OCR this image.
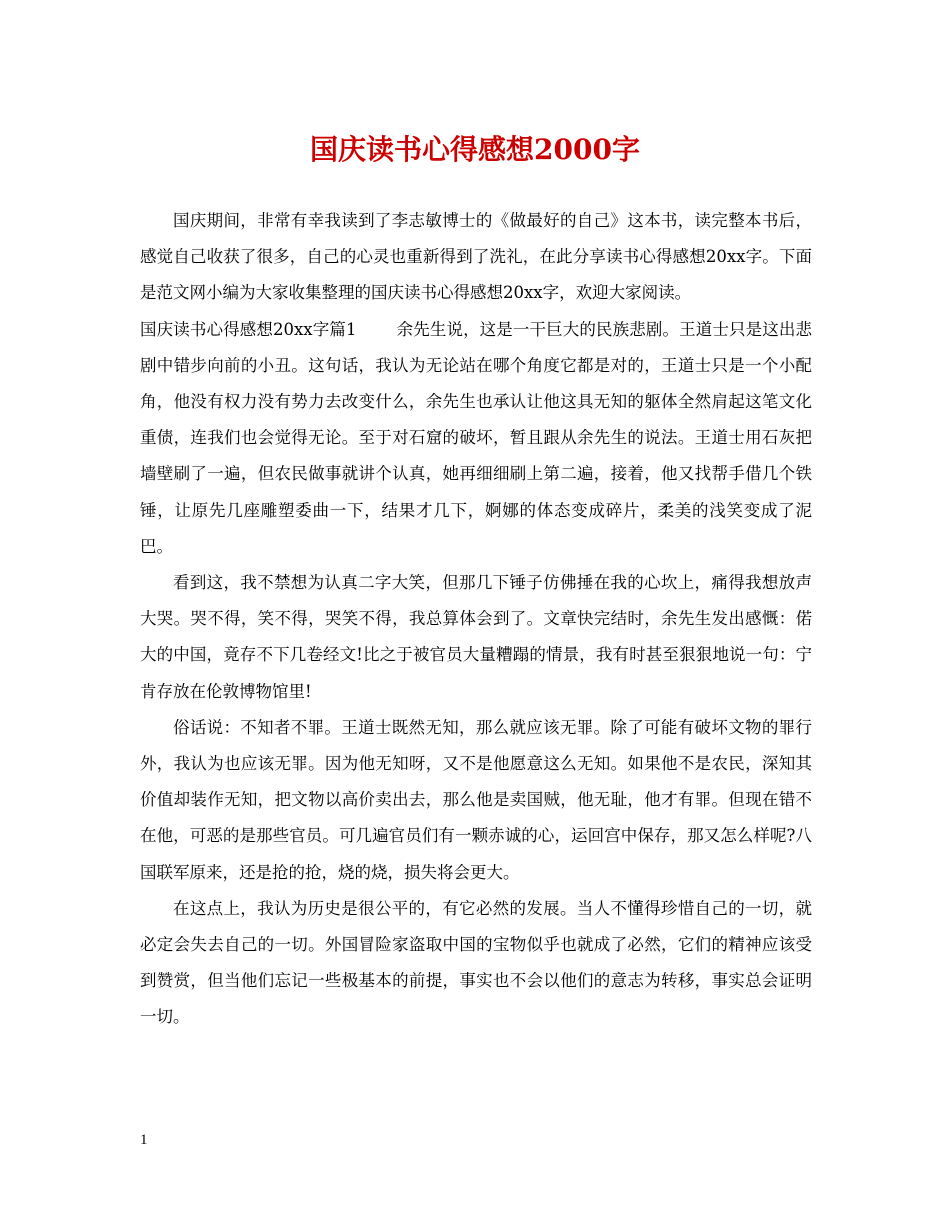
国庆读书心得感想2000字

国庆期间，非常有幸我读到了李志敏博士的《做最好的自己》这本书，读完整本书后，感觉自己收获了很多，自己的心灵也重新得到了洗礼，在此分享读书心得感想20xx字。下面是范文网小编为大家收集整理的国庆读书心得感想20xx字，欢迎大家阅读。

国庆读书心得感想20xx字篇1 余先生说，这是一干巨大的民族悲剧。王道士只是这出悲剧中错步向前的小丑。这句话，我认为无论站在哪个角度它都是对的，王道士只是一个小配角，他没有权力没有势力去改变什么，余先生也承认让他这具无知的躯体全然肩起这笔文化重债，连我们也会觉得无论。至于对石窟的破坏，暂且跟从余先生的说法。王道士用石灰把墙壁刷了一遍，但农民做事就讲个认真，她再细细刷上第二遍，接着，他又找帮手借几个铁锤，让原先几座雕塑委曲一下，结果才几下，婀娜的体态变成碎片，柔美的浅笑变成了泥巴。

看到这，我不禁想为认真二字大笑，但那几下锤子仿佛捶在我的心坎上，痛得我想放声大哭。哭不得，笑不得，哭笑不得，我总算体会到了。文章快完结时，余先生发出感慨：偌大的中国，竟存不下几卷经文!比之于被官员大量糟蹋的情景，我有时甚至狠狠地说一句：宁肯存放在伦敦博物馆里!

俗话说：不知者不罪。王道士既然无知，那么就应该无罪。除了可能有破坏文物的罪行外，我认为也应该无罪。因为他无知呀，又不是他愿意这么无知。如果他不是农民，深知其价值却装作无知，把文物以高价卖出去，那么他是卖国贼，他无耻，他才有罪。但现在错不在他，可恶的是那些官员。可几遍官员们有一颗赤诚的心，运回宫中保存，那又怎么样呢?八国联军原来，还是抢的抢，烧的烧，损失将会更大。

在这点上，我认为历史是很公平的，有它必然的发展。当人不懂得珍惜自己的一切，就必定会失去自己的一切。外国冒险家盗取中国的宝物似乎也就成了必然，它们的精神应该受到赞赏，但当他们忘记一些极基本的前提，事实也不会以他们的意志为转移，事实总会证明一切。

1
